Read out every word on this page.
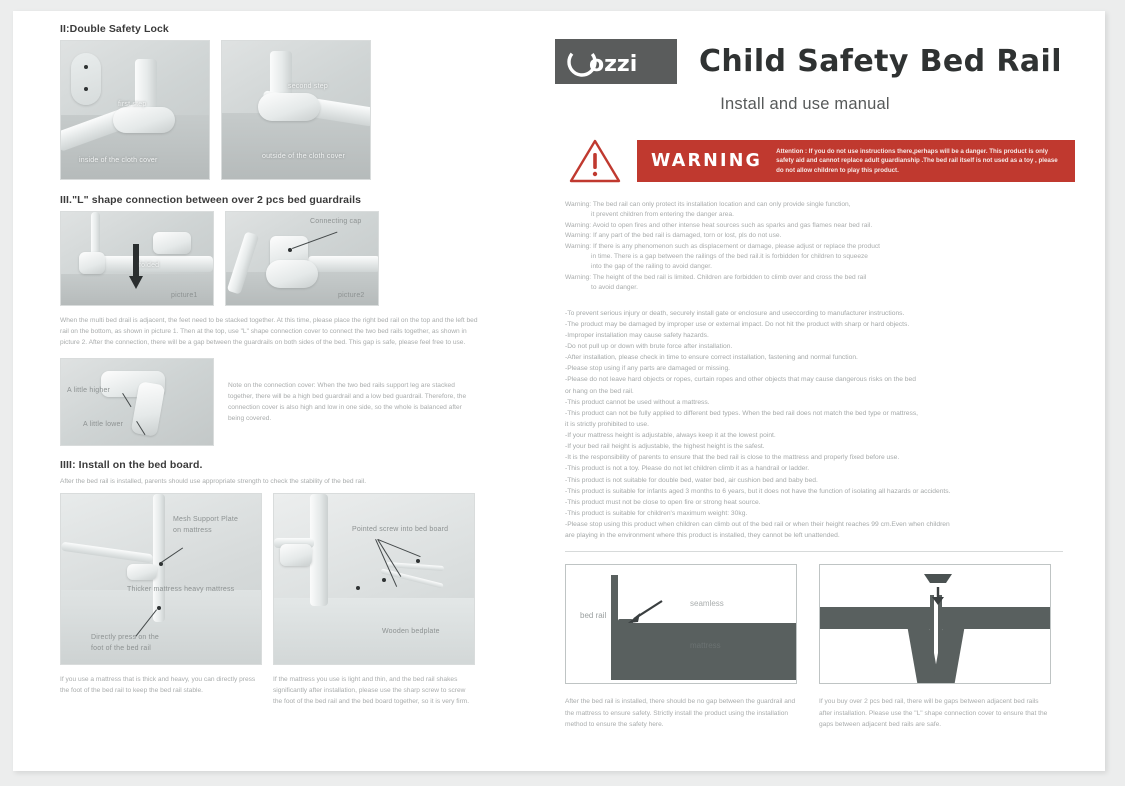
II:Double Safety Lock
first step
inside of the cloth cover
second step
outside of the cloth cover
III."L" shape connection between over 2 pcs bed guardrails
folded
picture1
Connecting cap
picture2
When the multi bed drail is adjacent, the feet need to be stacked together. At this time, please place the right bed rail on the top and the left bed rail on the bottom, as shown in picture 1. Then at the top, use "L" shape connection cover to connect the two bed rails together, as shown in picture 2. After the connection, there will be a gap between the guardrails on both sides of the bed. This gap is safe, please feel free to use.
A little higher
A little lower
Note on the connection cover: When the two bed rails support leg are stacked together, there will be a high bed guardrail and a low bed guardrail. Therefore, the connection cover is also high and low in one side, so the whole is balanced after being covered.
IIII: Install on the bed board.
After the bed rail is installed, parents should use appropriate strength to check the stability of the bed rail.
Mesh Support Plate
on mattress
Thicker mattress heavy mattress
Directly press on the
foot of the bed rail
Pointed screw into bed board
Wooden bedplate
If you use a mattress that is thick and heavy, you can directly press the foot of the bed rail to keep the bed rail stable.
If the mattress you use is light and thin, and the bed rail shakes significantly after installation, please use the sharp screw to screw the foot of the bed rail and the bed board together, so it is very firm.
ozzi Child Safety Bed Rail
Install and use manual
WARNING Attention : If you do not use instructions there,perhaps will be a danger. This product is only safety aid and cannot replace adult guardianship .The bed rail itself is not used as a toy , please do not allow children to play this product.
Warning: The bed rail can only protect its installation location and can only provide single function,
it prevent children from entering the danger area.
Warning: Avoid to open fires and other intense heat sources such as sparks and gas flames near bed rail.
Warning: If any part of the bed rail is damaged, torn or lost, pls do not use.
Warning: If there is any phenomenon such as displacement or damage, please adjust or replace the product
in time. There is a gap between the railings of the bed rail.it is forbidden for children to squeeze
into the gap of the railing to avoid danger.
Warning: The height of the bed rail is limited. Children are forbidden to climb over and cross the bed rail
to avoid danger.
-To prevent serious injury or death, securely install gate or enclosure and useccording to manufacturer instructions.
-The product may be damaged by improper use or external impact. Do not hit the product with sharp or hard objects.
-Improper installation may cause safety hazards.
-Do not pull up or down with brute force after installation.
-After installation, please check in time to ensure correct installation, fastening and normal function.
-Please stop using if any parts are damaged or missing.
-Please do not leave hard objects or ropes, curtain ropes and other objects that may cause dangerous risks on the bed
or hang on the bed rail.
-This product cannot be used without a mattress.
-This product can not be fully applied to different bed types. When the bed rail does not match the bed type or mattress,
it is strictly prohibited to use.
-If your mattress height is adjustable, always keep it at the lowest point.
-If your bed rail height is adjustable, the highest height is the safest.
-It is the responsibility of parents to ensure that the bed rail is close to the mattress and properly fixed before use.
-This product is not a toy. Please do not let children climb it as a handrail or ladder.
-This product is not suitable for double bed, water bed, air cushion bed and baby bed.
-This product is suitable for infants aged 3 months to 6 years, but it does not have the function of isolating all hazards or accidents.
-This product must not be close to open fire or strong heat source.
-This product is suitable for children's maximum weight: 30kg.
-Please stop using this product when children can climb out of the bed rail or when their height reaches 99 cm.Even when children
are playing in the environment where this product is installed, they cannot be left unattended.
bed rail
seamless
mattress
After the bed rail is installed, there should be no gap between the guardrail and the mattress to ensure safety. Strictly install the product using the installation method to ensure the safety here.
If you buy over 2 pcs bed rail, there will be gaps between adjacent bed rails after installation. Please use the "L" shape connection cover to ensure that the gaps between adjacent bed rails are safe.
